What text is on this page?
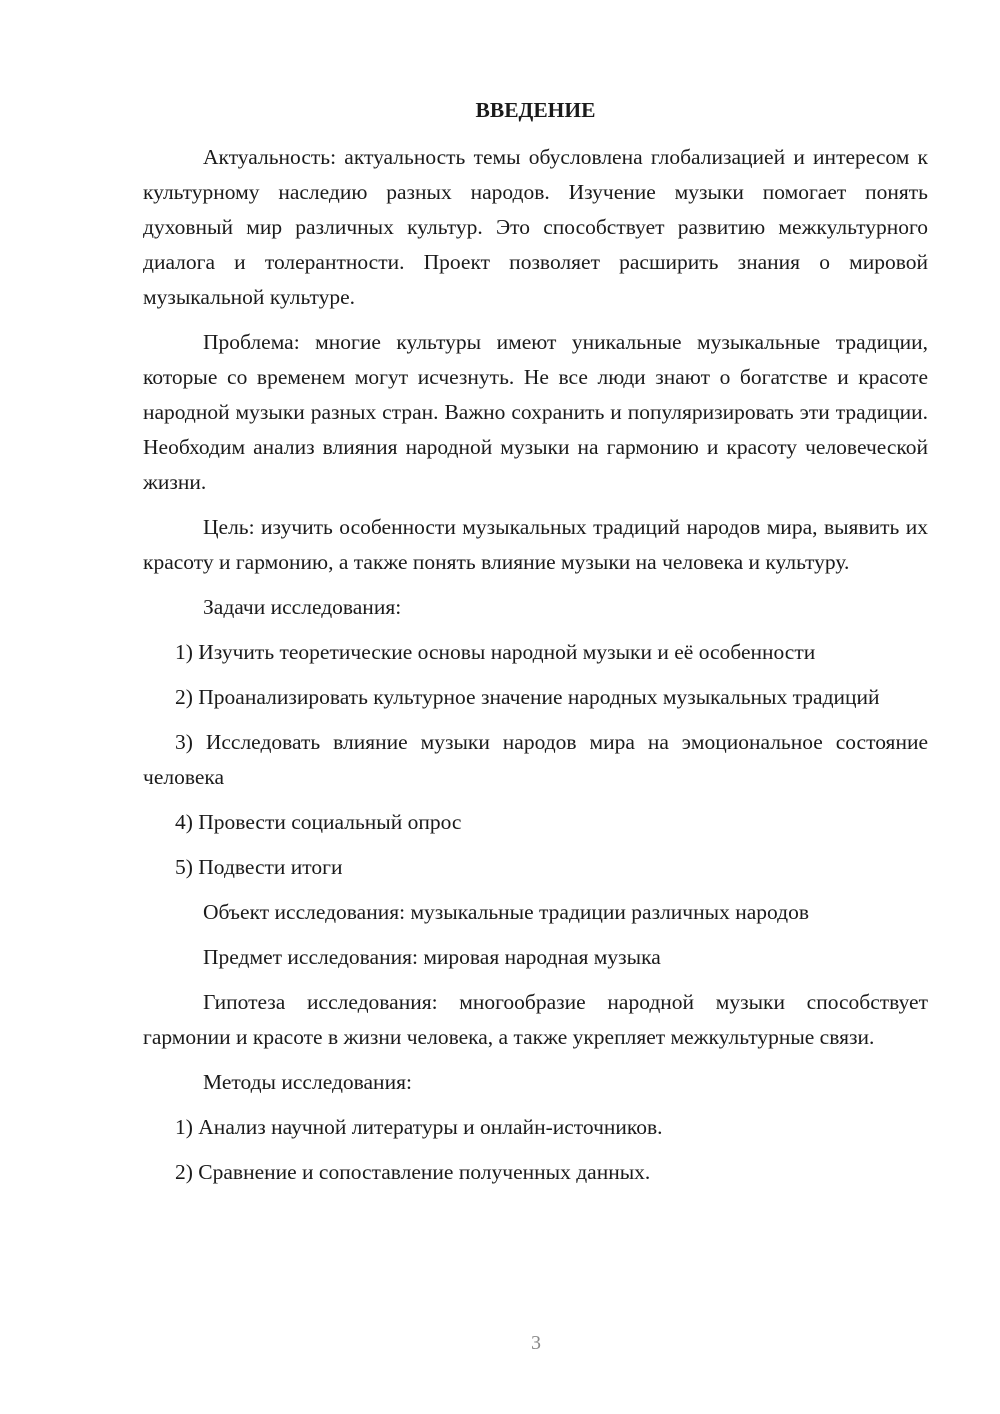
ВВЕДЕНИЕ

Актуальность: актуальность темы обусловлена глобализацией и интересом к культурному наследию разных народов. Изучение музыки помогает понять духовный мир различных культур. Это способствует развитию межкультурного диалога и толерантности. Проект позволяет расширить знания о мировой музыкальной культуре.

Проблема: многие культуры имеют уникальные музыкальные традиции, которые со временем могут исчезнуть. Не все люди знают о богатстве и красоте народной музыки разных стран. Важно сохранить и популяризировать эти традиции. Необходим анализ влияния народной музыки на гармонию и красоту человеческой жизни.

Цель: изучить особенности музыкальных традиций народов мира, выявить их красоту и гармонию, а также понять влияние музыки на человека и культуру.

Задачи исследования:

1) Изучить теоретические основы народной музыки и её особенности

2) Проанализировать культурное значение народных музыкальных традиций

3) Исследовать влияние музыки народов мира на эмоциональное состояние человека

4) Провести социальный опрос

5) Подвести итоги

Объект исследования: музыкальные традиции различных народов

Предмет исследования: мировая народная музыка

Гипотеза исследования: многообразие народной музыки способствует гармонии и красоте в жизни человека, а также укрепляет межкультурные связи.

Методы исследования:

1) Анализ научной литературы и онлайн-источников.

2) Сравнение и сопоставление полученных данных.

3
